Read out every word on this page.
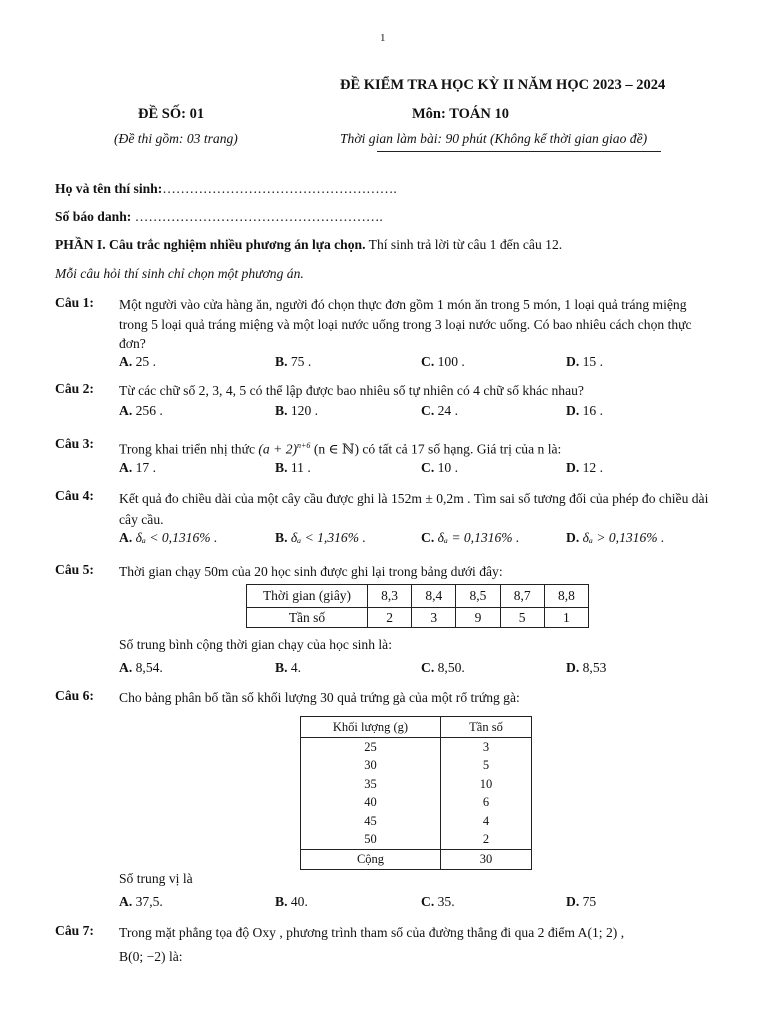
1
ĐỀ KIỂM TRA HỌC KỲ II NĂM HỌC 2023 – 2024
ĐỀ SỐ: 01	Môn: TOÁN 10
(Đề thi gồm: 03 trang)	Thời gian làm bài: 90 phút (Không kể thời gian giao đề)
Họ và tên thí sinh:…………………………………………….
Số báo danh: ……………………………………………….
PHẦN I. Câu trắc nghiệm nhiều phương án lựa chọn. Thí sinh trả lời từ câu 1 đến câu 12.
Mỗi câu hỏi thí sinh chỉ chọn một phương án.
Câu 1: Một người vào cửa hàng ăn, người đó chọn thực đơn gồm 1 món ăn trong 5 món, 1 loại quả tráng miệng trong 5 loại quả tráng miệng và một loại nước uống trong 3 loại nước uống. Có bao nhiêu cách chọn thực đơn?
A. 25 .	B. 75 .	C. 100 .	D. 15 .
Câu 2: Từ các chữ số 2, 3, 4, 5 có thể lập được bao nhiêu số tự nhiên có 4 chữ số khác nhau?
A. 256 .	B. 120 .	C. 24 .	D. 16 .
Câu 3: Trong khai triển nhị thức $(a + 2)^{n+6}$ (n ∈ ℕ) có tất cả 17 số hạng. Giá trị của n là:
A. 17 .	B. 11 .	C. 10 .	D. 12 .
Câu 4: Kết quả đo chiều dài của một cây cầu được ghi là 152m ± 0,2m . Tìm sai số tương đối của phép đo chiều dài cây cầu.
A. δₐ < 0,1316% .	B. δₐ < 1,316% .	C. δₐ = 0,1316% .	D. δₐ > 0,1316% .
Câu 5: Thời gian chạy 50m của 20 học sinh được ghi lại trong bảng dưới đây:
Thời gian (giây)	8,3	8,4	8,5	8,7	8,8
Tần số	2	3	9	5	1
Số trung bình cộng thời gian chạy của học sinh là:
A. 8,54.	B. 4.	C. 8,50.	D. 8,53
Câu 6: Cho bảng phân bố tần số khối lượng 30 quả trứng gà của một rổ trứng gà:
Khối lượng (g)	Tần số
25	3
30	5
35	10
40	6
45	4
50	2
Cộng	30
Số trung vị là
A. 37,5.	B. 40.	C. 35.	D. 75
Câu 7: Trong mặt phẳng tọa độ Oxy , phương trình tham số của đường thẳng đi qua 2 điểm A(1; 2) ,
B(0; −2) là:
